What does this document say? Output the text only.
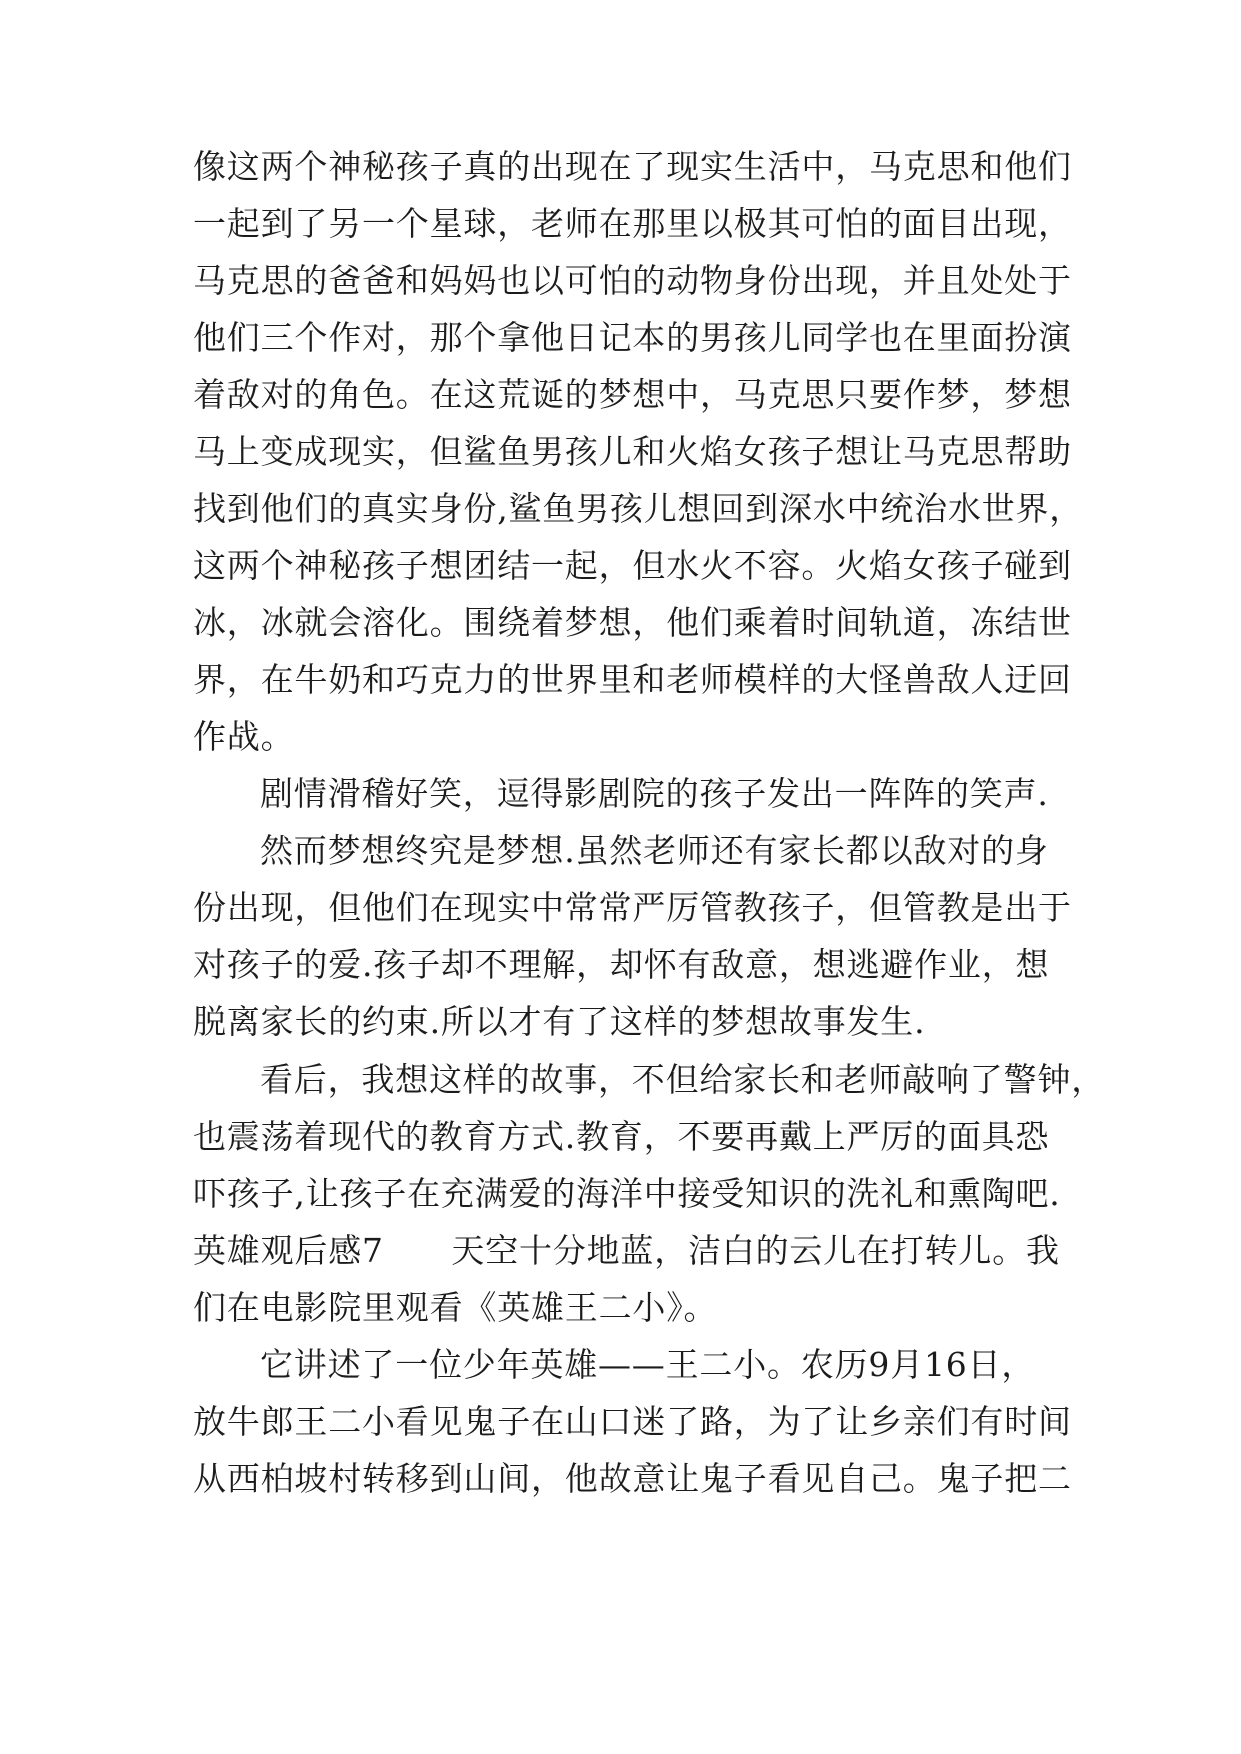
像这两个神秘孩子真的出现在了现实生活中，马克思和他们
一起到了另一个星球，老师在那里以极其可怕的面目出现，
马克思的爸爸和妈妈也以可怕的动物身份出现，并且处处于
他们三个作对，那个拿他日记本的男孩儿同学也在里面扮演
着敌对的角色。在这荒诞的梦想中，马克思只要作梦，梦想
马上变成现实，但鲨鱼男孩儿和火焰女孩子想让马克思帮助
找到他们的真实身份,鲨鱼男孩儿想回到深水中统治水世界，
这两个神秘孩子想团结一起，但水火不容。火焰女孩子碰到
冰，冰就会溶化。围绕着梦想，他们乘着时间轨道，冻结世
界，在牛奶和巧克力的世界里和老师模样的大怪兽敌人迂回
作战。
剧情滑稽好笑，逗得影剧院的孩子发出一阵阵的笑声.
然而梦想终究是梦想.虽然老师还有家长都以敌对的身
份出现，但他们在现实中常常严厉管教孩子，但管教是出于
对孩子的爱.孩子却不理解，却怀有敌意，想逃避作业，想
脱离家长的约束.所以才有了这样的梦想故事发生.
看后，我想这样的故事，不但给家长和老师敲响了警钟，
也震荡着现代的教育方式.教育，不要再戴上严厉的面具恐
吓孩子,让孩子在充满爱的海洋中接受知识的洗礼和熏陶吧.
英雄观后感7　　天空十分地蓝，洁白的云儿在打转儿。我
们在电影院里观看《英雄王二小》。
它讲述了一位少年英雄——王二小。农历9月16日，
放牛郎王二小看见鬼子在山口迷了路，为了让乡亲们有时间
从西柏坡村转移到山间，他故意让鬼子看见自己。鬼子把二
